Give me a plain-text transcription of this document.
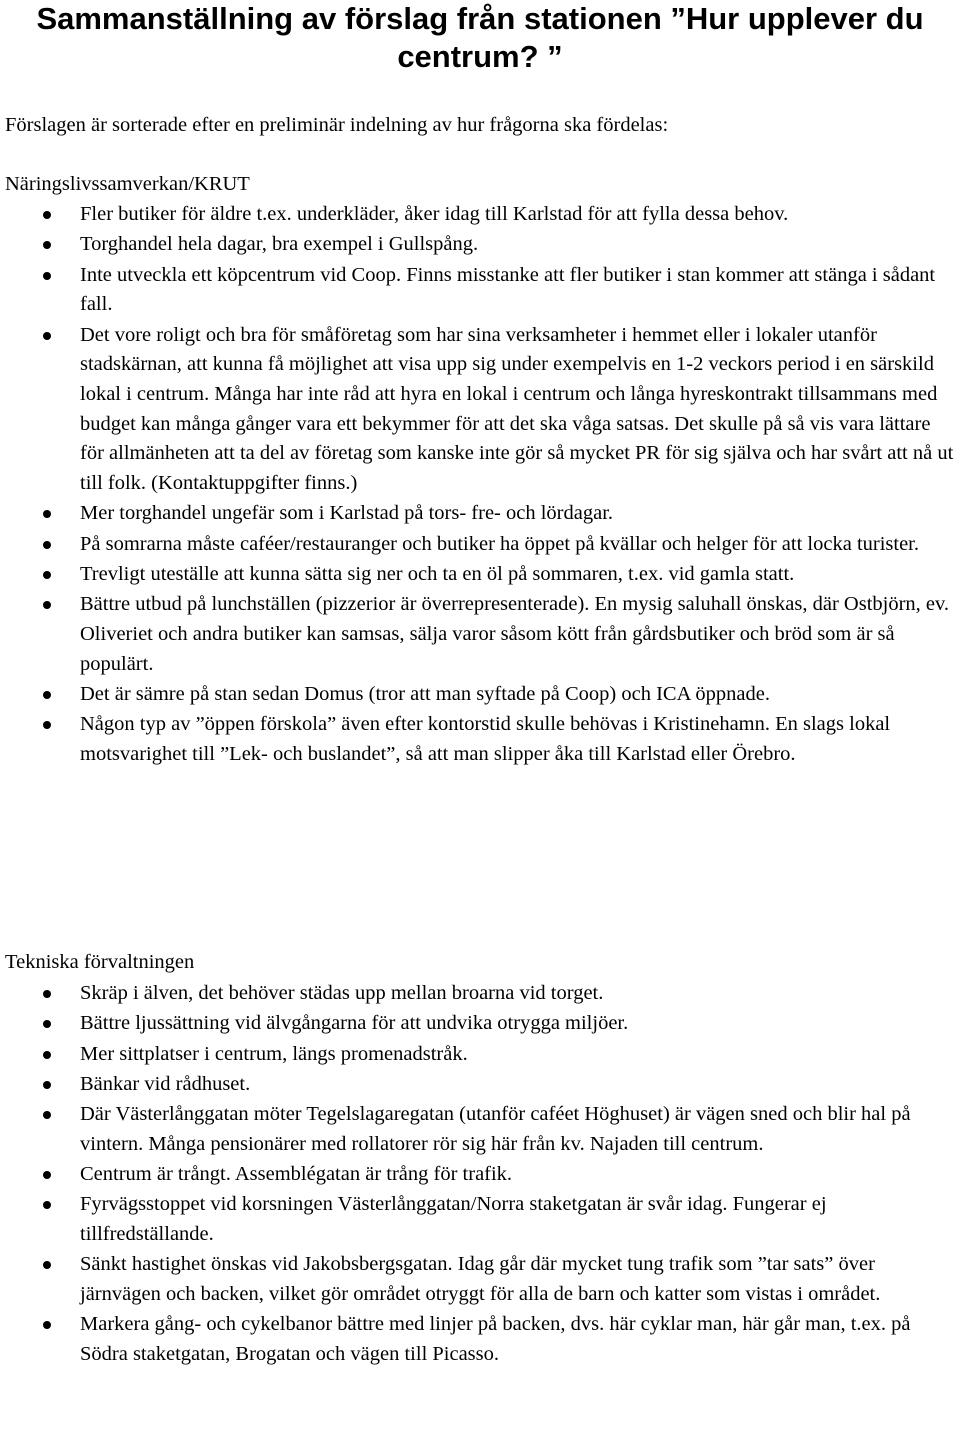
Sammanställning av förslag från stationen ”Hur upplever du centrum? ”

Förslagen är sorterade efter en preliminär indelning av hur frågorna ska fördelas:

Näringslivssamverkan/KRUT

Fler butiker för äldre t.ex. underkläder, åker idag till Karlstad för att fylla dessa behov.
Torghandel hela dagar, bra exempel i Gullspång.
Inte utveckla ett köpcentrum vid Coop. Finns misstanke att fler butiker i stan kommer att stänga i sådant fall.
Det vore roligt och bra för småföretag som har sina verksamheter i hemmet eller i lokaler utanför stadskärnan, att kunna få möjlighet att visa upp sig under exempelvis en 1-2 veckors period i en särskild lokal i centrum. Många har inte råd att hyra en lokal i centrum och långa hyreskontrakt tillsammans med budget kan många gånger vara ett bekymmer för att det ska våga satsas. Det skulle på så vis vara lättare för allmänheten att ta del av företag som kanske inte gör så mycket PR för sig själva och har svårt att nå ut till folk. (Kontaktuppgifter finns.)
Mer torghandel ungefär som i Karlstad på tors- fre- och lördagar.
På somrarna måste caféer/restauranger och butiker ha öppet på kvällar och helger för att locka turister.
Trevligt uteställe att kunna sätta sig ner och ta en öl på sommaren, t.ex. vid gamla statt.
Bättre utbud på lunchställen (pizzerior är överrepresenterade). En mysig saluhall önskas, där Ostbjörn, ev. Oliveriet och andra butiker kan samsas, sälja varor såsom kött från gårdsbutiker och bröd som är så populärt.
Det är sämre på stan sedan Domus (tror att man syftade på Coop) och ICA öppnade.
Någon typ av ”öppen förskola” även efter kontorstid skulle behövas i Kristinehamn. En slags lokal motsvarighet till ”Lek- och buslandet”, så att man slipper åka till Karlstad eller Örebro.

Tekniska förvaltningen

Skräp i älven, det behöver städas upp mellan broarna vid torget.
Bättre ljussättning vid älvgångarna för att undvika otrygga miljöer.
Mer sittplatser i centrum, längs promenadstråk.
Bänkar vid rådhuset.
Där Västerlånggatan möter Tegelslagaregatan (utanför caféet Höghuset) är vägen sned och blir hal på vintern. Många pensionärer med rollatorer rör sig här från kv. Najaden till centrum.
Centrum är trångt. Assemblégatan är trång för trafik.
Fyrvägsstoppet vid korsningen Västerlånggatan/Norra staketgatan är svår idag. Fungerar ej tillfredställande.
Sänkt hastighet önskas vid Jakobsbergsgatan. Idag går där mycket tung trafik som ”tar sats” över järnvägen och backen, vilket gör området otryggt för alla de barn och katter som vistas i området.
Markera gång- och cykelbanor bättre med linjer på backen, dvs. här cyklar man, här går man, t.ex. på Södra staketgatan, Brogatan och vägen till Picasso.
